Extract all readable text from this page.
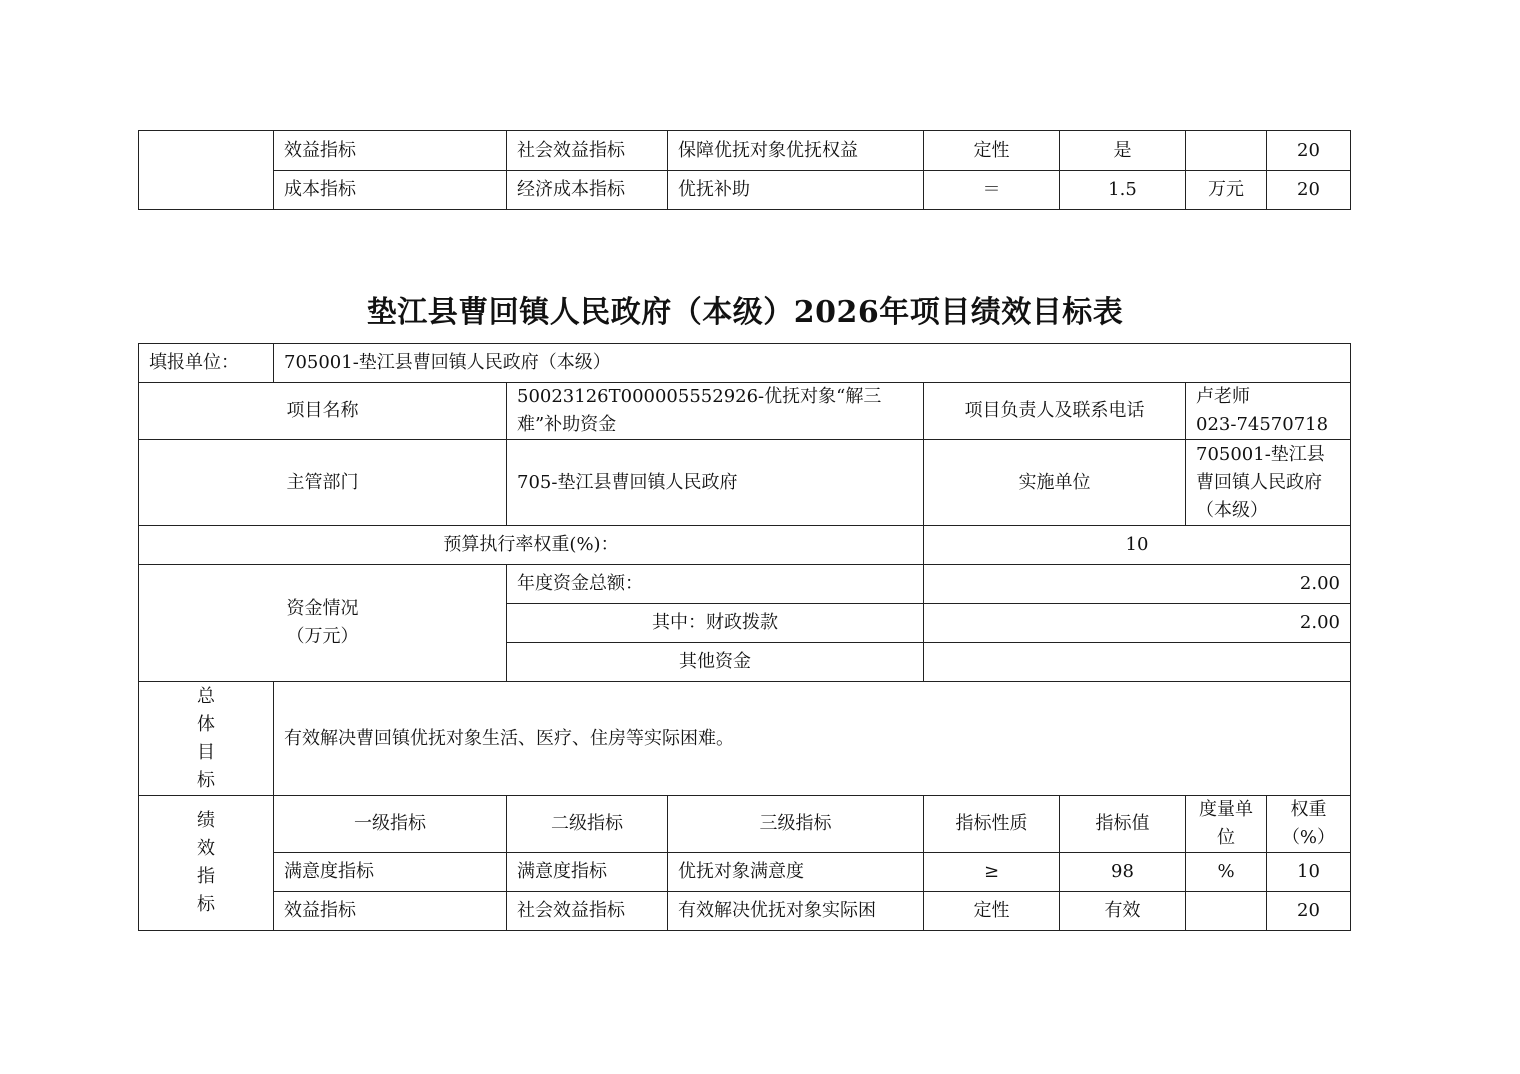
	效益指标	社会效益指标	保障优抚对象优抚权益	定性	是		20
	成本指标	经济成本指标	优抚补助	＝	1.5	万元	20
垫江县曹回镇人民政府（本级）2026年项目绩效目标表
填报单位：	705001-垫江县曹回镇人民政府（本级）						
项目名称		50023126T000005552926-优抚对象“解三难”补助资金		项目负责人及联系电话		卢老师
023-74570718	

主管部门		705-垫江县曹回镇人民政府		实施单位		705001-垫江县曹回镇人民政府（本级）	
预算执行率权重(%)：				10			

资金情况
（万元）		年度资金总额：		2.00			
		其中：财政拨款		2.00			
		其他资金					

总
体
目
标	有效解决曹回镇优抚对象生活、医疗、住房等实际困难。						

绩
效
指
标	一级指标	二级指标	三级指标	指标性质	指标值	度量单位	权重（%）
	满意度指标	满意度指标	优抚对象满意度	≥	98	%	10
	效益指标	社会效益指标	有效解决优抚对象实际困	定性	有效		20
